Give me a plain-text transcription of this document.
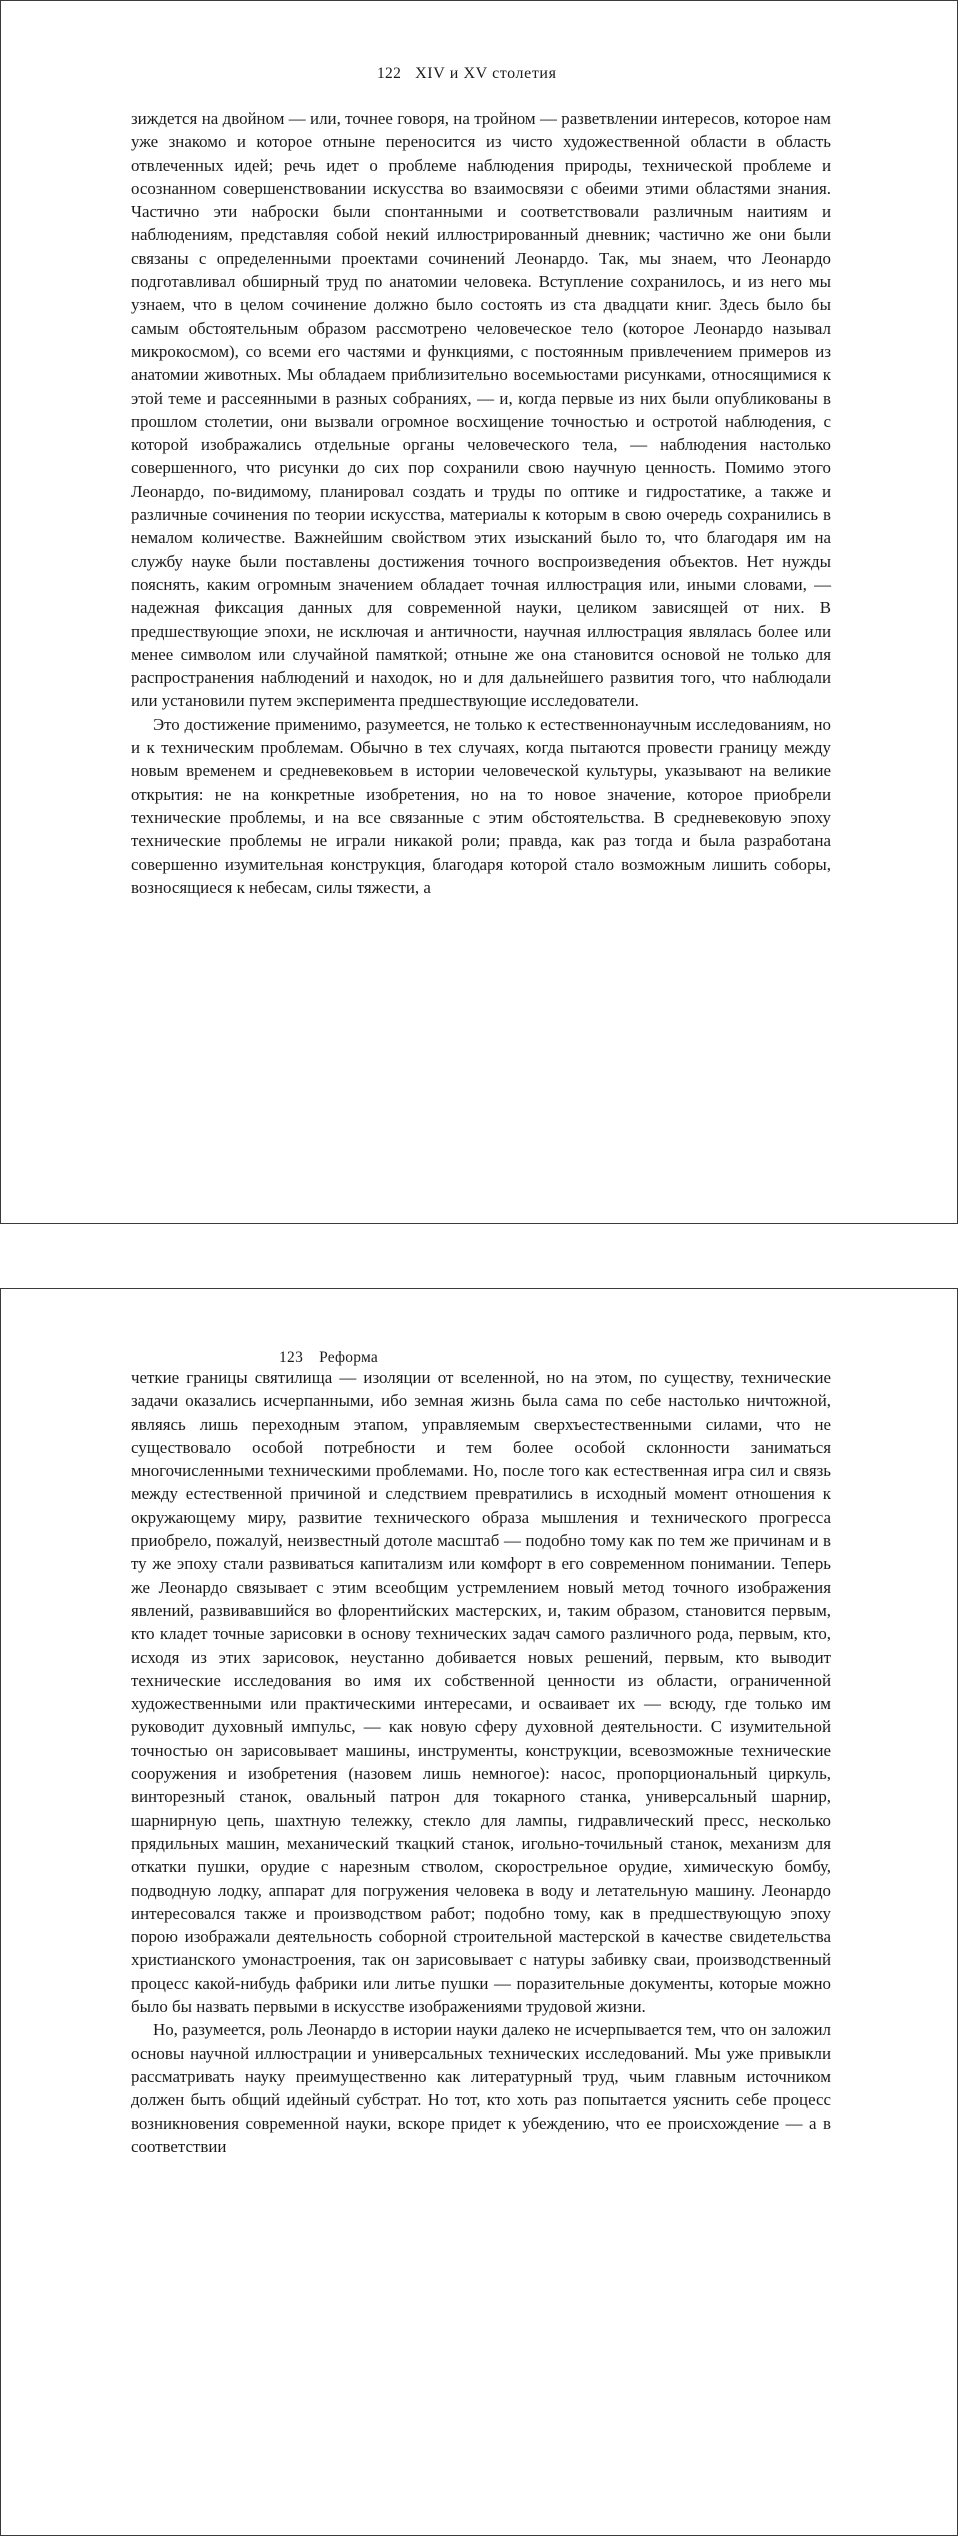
122 XIV и XV столетия

зиждется на двойном — или, точнее говоря, на тройном — разветвлении интересов, которое нам уже знакомо и которое отныне переносится из чисто художественной области в область отвлеченных идей; речь идет о проблеме наблюдения природы, технической проблеме и осознанном совершенствовании искусства во взаимосвязи с обеими этими областями знания. Частично эти наброски были спонтанными и соответствовали различным наитиям и наблюдениям, представляя собой некий иллюстрированный дневник; частично же они были связаны с определенными проектами сочинений Леонардо. Так, мы знаем, что Леонардо подготавливал обширный труд по анатомии человека. Вступление сохранилось, и из него мы узнаем, что в целом сочинение должно было состоять из ста двадцати книг. Здесь было бы самым обстоятельным образом рассмотрено человеческое тело (которое Леонардо называл микрокосмом), со всеми его частями и функциями, с постоянным привлечением примеров из анатомии животных. Мы обладаем приблизительно восемьюстами рисунками, относящимися к этой теме и рассеянными в разных собраниях, — и, когда первые из них были опубликованы в прошлом столетии, они вызвали огромное восхищение точностью и остротой наблюдения, с которой изображались отдельные органы человеческого тела, — наблюдения настолько совершенного, что рисунки до сих пор сохранили свою научную ценность. Помимо этого Леонардо, по-видимому, планировал создать и труды по оптике и гидростатике, а также и различные сочинения по теории искусства, материалы к которым в свою очередь сохранились в немалом количестве. Важнейшим свойством этих изысканий было то, что благодаря им на службу науке были поставлены достижения точного воспроизведения объектов. Нет нужды пояснять, каким огромным значением обладает точная иллюстрация или, иными словами, — надежная фиксация данных для современной науки, целиком зависящей от них. В предшествующие эпохи, не исключая и античности, научная иллюстрация являлась более или менее символом или случайной памяткой; отныне же она становится основой не только для распространения наблюдений и находок, но и для дальнейшего развития того, что наблюдали или установили путем эксперимента предшествующие исследователи.

Это достижение применимо, разумеется, не только к естественнонаучным исследованиям, но и к техническим проблемам. Обычно в тех случаях, когда пытаются провести границу между новым временем и средневековьем в истории человеческой культуры, указывают на великие открытия: не на конкретные изобретения, но на то новое значение, которое приобрели технические проблемы, и на все связанные с этим обстоятельства. В средневековую эпоху технические проблемы не играли никакой роли; правда, как раз тогда и была разработана совершенно изумительная конструкция, благодаря которой стало возможным лишить соборы, возносящиеся к небесам, силы тяжести, а

123 Реформа

четкие границы святилища — изоляции от вселенной, но на этом, по существу, технические задачи оказались исчерпанными, ибо земная жизнь была сама по себе настолько ничтожной, являясь лишь переходным этапом, управляемым сверхъестественными силами, что не существовало особой потребности и тем более особой склонности заниматься многочисленными техническими проблемами. Но, после того как естественная игра сил и связь между естественной причиной и следствием превратились в исходный момент отношения к окружающему миру, развитие технического образа мышления и технического прогресса приобрело, пожалуй, неизвестный дотоле масштаб — подобно тому как по тем же причинам и в ту же эпоху стали развиваться капитализм или комфорт в его современном понимании. Теперь же Леонардо связывает с этим всеобщим устремлением новый метод точного изображения явлений, развивавшийся во флорентийских мастерских, и, таким образом, становится первым, кто кладет точные зарисовки в основу технических задач самого различного рода, первым, кто, исходя из этих зарисовок, неустанно добивается новых решений, первым, кто выводит технические исследования во имя их собственной ценности из области, ограниченной художественными или практическими интересами, и осваивает их — всюду, где только им руководит духовный импульс, — как новую сферу духовной деятельности. С изумительной точностью он зарисовывает машины, инструменты, конструкции, всевозможные технические сооружения и изобретения (назовем лишь немногое): насос, пропорциональный циркуль, винторезный станок, овальный патрон для токарного станка, универсальный шарнир, шарнирную цепь, шахтную тележку, стекло для лампы, гидравлический пресс, несколько прядильных машин, механический ткацкий станок, игольно-точильный станок, механизм для откатки пушки, орудие с нарезным стволом, скорострельное орудие, химическую бомбу, подводную лодку, аппарат для погружения человека в воду и летательную машину. Леонардо интересовался также и производством работ; подобно тому, как в предшествующую эпоху порою изображали деятельность соборной строительной мастерской в качестве свидетельства христианского умонастроения, так он зарисовывает с натуры забивку сваи, производственный процесс какой-нибудь фабрики или литье пушки — поразительные документы, которые можно было бы назвать первыми в искусстве изображениями трудовой жизни.

Но, разумеется, роль Леонардо в истории науки далеко не исчерпывается тем, что он заложил основы научной иллюстрации и универсальных технических исследований. Мы уже привыкли рассматривать науку преимущественно как литературный труд, чьим главным источником должен быть общий идейный субстрат. Но тот, кто хоть раз попытается уяснить себе процесс возникновения современной науки, вскоре придет к убеждению, что ее происхождение — а в соответствии
